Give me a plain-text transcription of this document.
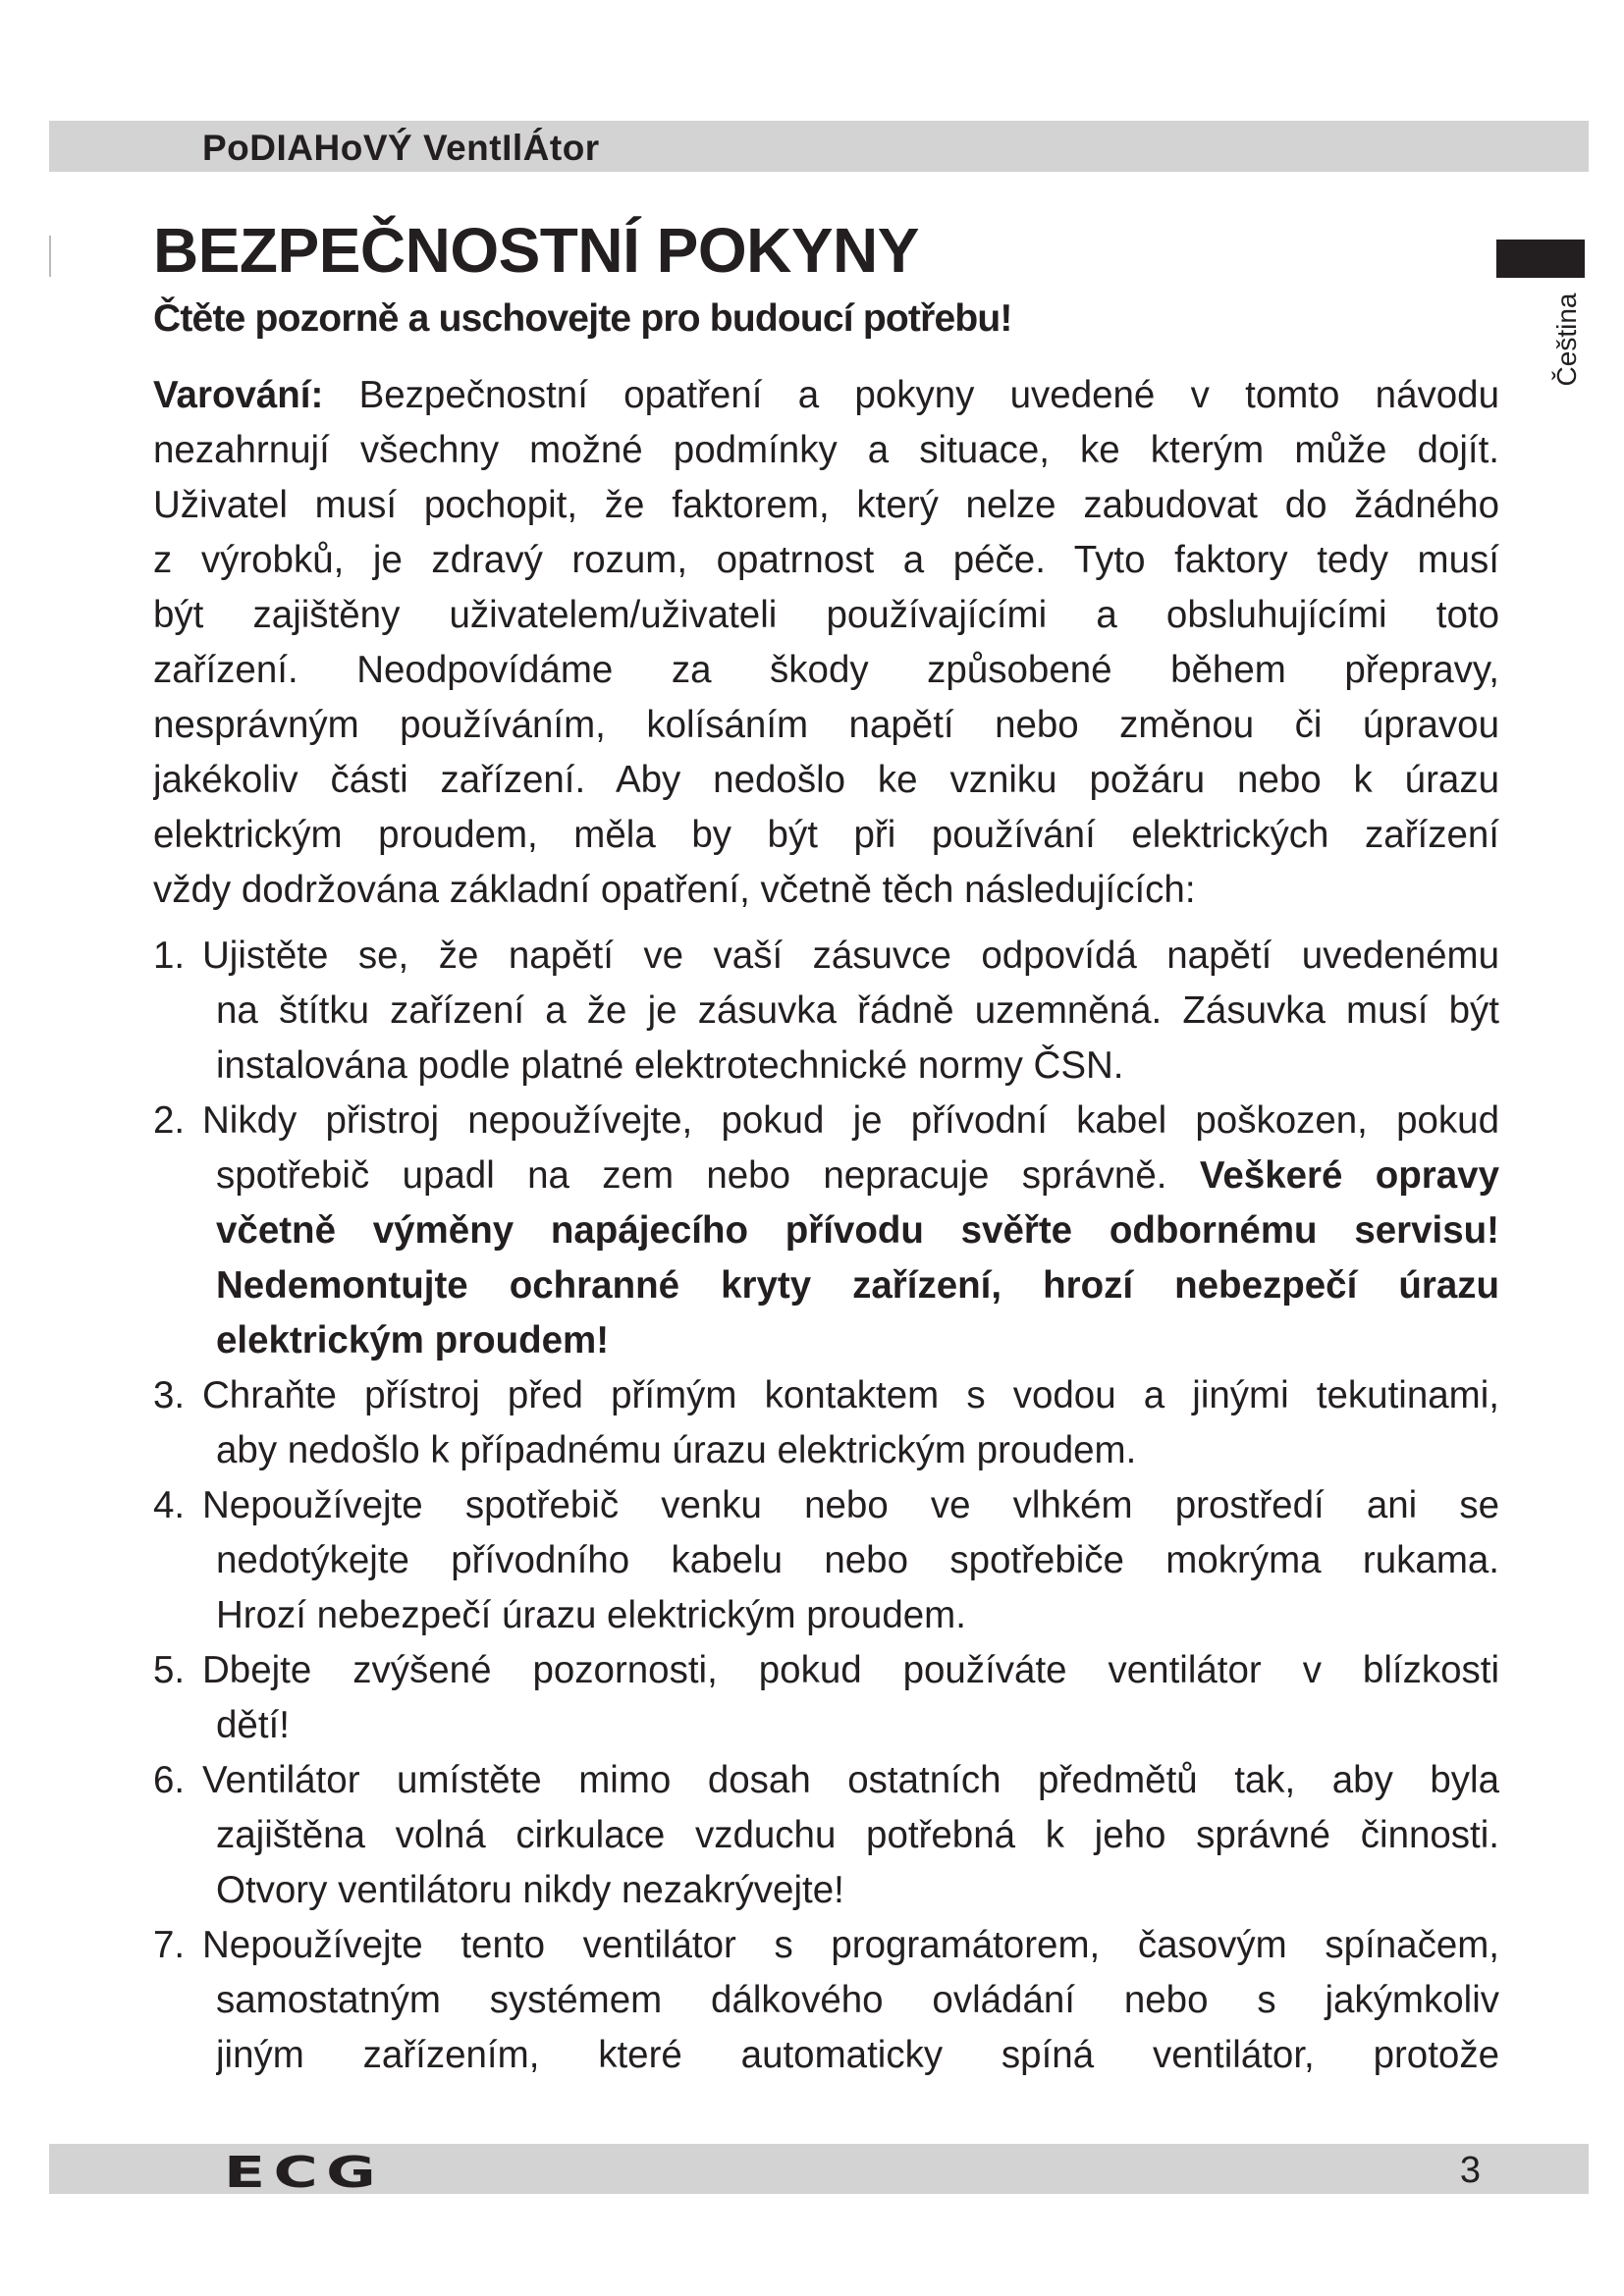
PoDIAHoVÝ VentIlÁtor
BEZPEČNOSTNÍ POKYNY
Čtěte pozorně a uschovejte pro budoucí potřebu!	Čeština
Varování: Bezpečnostní opatření a pokyny uvedené v tomto návodu
nezahrnují všechny možné podmínky a situace, ke kterým může dojít.
Uživatel musí pochopit, že faktorem, který nelze zabudovat do žádného
z výrobků, je zdravý rozum, opatrnost a péče. Tyto faktory tedy musí
být zajištěny uživatelem/uživateli používajícími a obsluhujícími toto
zařízení. Neodpovídáme za škody způsobené během přepravy,
nesprávným používáním, kolísáním napětí nebo změnou či úpravou
jakékoliv části zařízení. Aby nedošlo ke vzniku požáru nebo k úrazu
elektrickým proudem, měla by být při používání elektrických zařízení
vždy dodržována základní opatření, včetně těch následujících:
1. Ujistěte se, že napětí ve vaší zásuvce odpovídá napětí uvedenému
na štítku zařízení a že je zásuvka řádně uzemněná. Zásuvka musí být
instalována podle platné elektrotechnické normy ČSN.
2. Nikdy přistroj nepoužívejte, pokud je přívodní kabel poškozen, pokud
spotřebič upadl na zem nebo nepracuje správně. Veškeré opravy
včetně výměny napájecího přívodu svěřte odbornému servisu!
Nedemontujte ochranné kryty zařízení, hrozí nebezpečí úrazu
elektrickým proudem!
3. Chraňte přístroj před přímým kontaktem s vodou a jinými tekutinami,
aby nedošlo k případnému úrazu elektrickým proudem.
4. Nepoužívejte spotřebič venku nebo ve vlhkém prostředí ani se
nedotýkejte přívodního kabelu nebo spotřebiče mokrýma rukama.
Hrozí nebezpečí úrazu elektrickým proudem.
5. Dbejte zvýšené pozornosti, pokud používáte ventilátor v blízkosti
dětí!
6. Ventilátor umístěte mimo dosah ostatních předmětů tak, aby byla
zajištěna volná cirkulace vzduchu potřebná k jeho správné činnosti.
Otvory ventilátoru nikdy nezakrývejte!
7. Nepoužívejte tento ventilátor s programátorem, časovým spínačem,
samostatným systémem dálkového ovládání nebo s jakýmkoliv
jiným zařízením, které automaticky spíná ventilátor, protože
ECG	3
